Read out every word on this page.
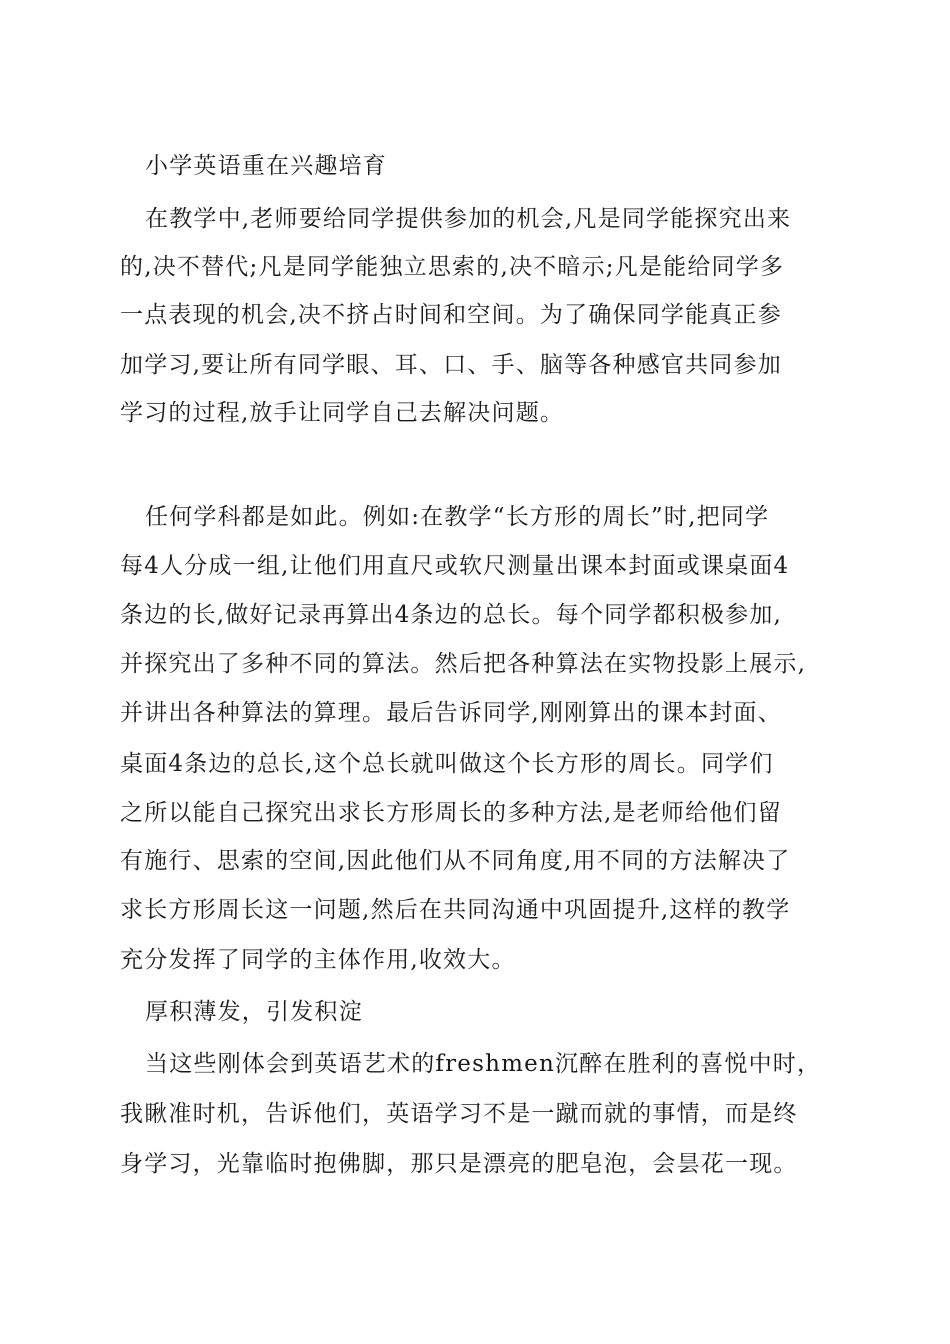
小学英语重在兴趣培育

在教学中,老师要给同学提供参加的机会,凡是同学能探究出来

的,决不替代;凡是同学能独立思索的,决不暗示;凡是能给同学多

一点表现的机会,决不挤占时间和空间。为了确保同学能真正参

加学习,要让所有同学眼、耳、口、手、脑等各种感官共同参加

学习的过程,放手让同学自己去解决问题。

任何学科都是如此。例如:在教学“长方形的周长”时,把同学

每4人分成一组,让他们用直尺或软尺测量出课本封面或课桌面4

条边的长,做好记录再算出4条边的总长。每个同学都积极参加,

并探究出了多种不同的算法。然后把各种算法在实物投影上展示,

并讲出各种算法的算理。最后告诉同学,刚刚算出的课本封面、

桌面4条边的总长,这个总长就叫做这个长方形的周长。同学们

之所以能自己探究出求长方形周长的多种方法,是老师给他们留

有施行、思索的空间,因此他们从不同角度,用不同的方法解决了

求长方形周长这一问题,然后在共同沟通中巩固提升,这样的教学

充分发挥了同学的主体作用,收效大。

厚积薄发，引发积淀

当这些刚体会到英语艺术的freshmen沉醉在胜利的喜悦中时，

我瞅准时机，告诉他们，英语学习不是一蹴而就的事情，而是终

身学习，光靠临时抱佛脚，那只是漂亮的肥皂泡，会昙花一现。
